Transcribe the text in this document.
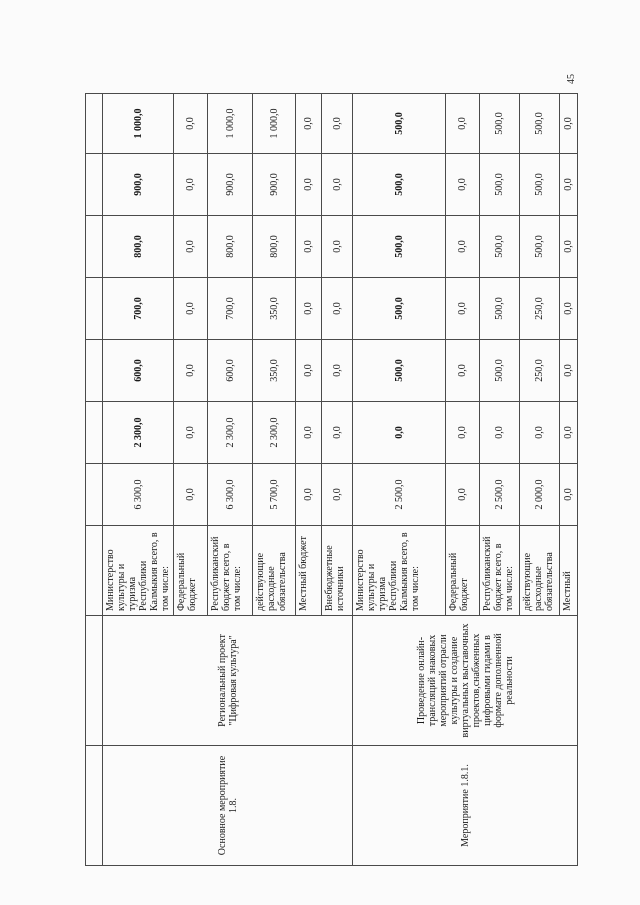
45

Основное мероприятие 1.8.	Региональный проект "Цифровая культура"	Министерство культуры и туризма Республики Калмыкия всего, в том числе:	6 300,0	2 300,0	600,0	700,0	800,0	900,0	1 000,0
		Федеральный бюджет	0,0	0,0	0,0	0,0	0,0	0,0	0,0
		Республиканский бюджет всего, в том числе:	6 300,0	2 300,0	600,0	700,0	800,0	900,0	1 000,0
		действующие расходные обязательства	5 700,0	2 300,0	350,0	350,0	800,0	900,0	1 000,0
		Местный бюджет	0,0	0,0	0,0	0,0	0,0	0,0	0,0
		Внебюджетные источники	0,0	0,0	0,0	0,0	0,0	0,0	0,0
Мероприятие 1.8.1.	Проведение онлайн-трансляций знаковых мероприятий отрасли культуры и создание виртуальных выставочных проектов,снабженных цифровыми гидами в формате дополненной реальности	Министерство культуры и туризма Республики Калмыкия всего, в том числе:	2 500,0	0,0	500,0	500,0	500,0	500,0	500,0
		Федеральный бюджет	0,0	0,0	0,0	0,0	0,0	0,0	0,0
		Республиканский бюджет всего, в том числе:	2 500,0	0,0	500,0	500,0	500,0	500,0	500,0
		действующие расходные обязательства	2 000,0	0,0	250,0	250,0	500,0	500,0	500,0
		Местный	0,0	0,0	0,0	0,0	0,0	0,0	0,0
